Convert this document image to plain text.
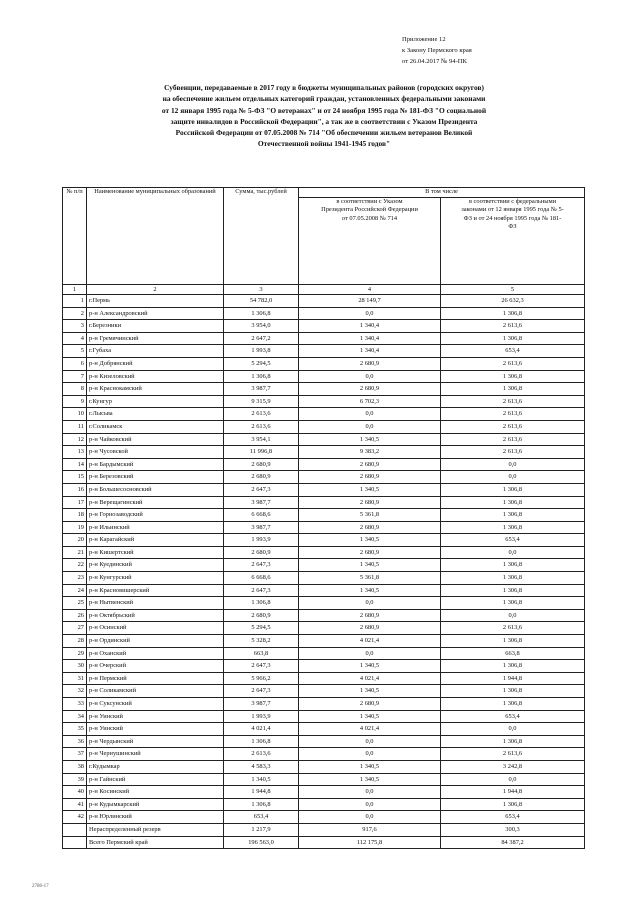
Приложение 12
к Закону Пермского края
от 26.04.2017 № 94-ПК
Субвенции, передаваемые в 2017 году в бюджеты муниципальных районов (городских округов)
на обеспечение жильем отдельных категорий граждан, установленных федеральными законами
от 12 января 1995 года № 5-ФЗ "О ветеранах" и от 24 ноября 1995 года № 181-ФЗ "О социальной
защите инвалидов в Российской Федерации", а так же в соответствии с Указом Президента
Российской Федерации от 07.05.2008 № 714 "Об обеспечении жильем ветеранов Великой
Отечественной войны 1941-1945 годов"
№ п/п	Наименование муниципальных образований	Сумма, тыс.рублей	В том числе	
			в соответствии с Указом Президента Российской Федерации от 07.05.2008 № 714	в соответствии с федеральными законами от 12 января 1995 года № 5-ФЗ и от 24 ноября 1995 года № 181-ФЗ
1	2	3	4	5
1	г.Пермь	54 782,0	28 149,7	26 632,3
2	р-н Александровский	1 306,8	0,0	1 306,8
3	г.Березники	3 954,0	1 340,4	2 613,6
4	р-н Гремячинский	2 647,2	1 340,4	1 306,8
5	г.Губаха	1 993,8	1 340,4	653,4
6	р-н Добрянский	5 294,5	2 680,9	2 613,6
7	р-н Кизеловский	1 306,8	0,0	1 306,8
8	р-н Краснокамский	3 987,7	2 680,9	1 306,8
9	г.Кунгур	9 315,9	6 702,3	2 613,6
10	г.Лысьва	2 613,6	0,0	2 613,6
11	г.Соликамск	2 613,6	0,0	2 613,6
12	р-н Чайковский	3 954,1	1 340,5	2 613,6
13	р-н Чусовской	11 996,8	9 383,2	2 613,6
14	р-н Бардымский	2 680,9	2 680,9	0,0
15	р-н Березовский	2 680,9	2 680,9	0,0
16	р-н Большесосновский	2 647,3	1 340,5	1 306,8
17	р-н Верещагинский	3 987,7	2 680,9	1 306,8
18	р-н Горнозаводский	6 668,6	5 361,8	1 306,8
19	р-н Ильинский	3 987,7	2 680,9	1 306,8
20	р-н Карагайский	1 993,9	1 340,5	653,4
21	р-н Кишертский	2 680,9	2 680,9	0,0
22	р-н Куединский	2 647,3	1 340,5	1 306,8
23	р-н Кунгурский	6 668,6	5 361,8	1 306,8
24	р-н Красновишерский	2 647,3	1 340,5	1 306,8
25	р-н Нытвенский	1 306,8	0,0	1 306,8
26	р-н Октябрьский	2 680,9	2 680,9	0,0
27	р-н Осинский	5 294,5	2 680,9	2 613,6
28	р-н Ординский	5 328,2	4 021,4	1 306,8
29	р-н Оханский	663,8	0,0	663,8
30	р-н Очерский	2 647,3	1 340,5	1 306,8
31	р-н Пермский	5 966,2	4 021,4	1 944,8
32	р-н Соликамский	2 647,3	1 340,5	1 306,8
33	р-н Суксунский	3 987,7	2 680,9	1 306,8
34	р-н Уинский	1 993,9	1 340,5	653,4
35	р-н Уинский	4 021,4	4 021,4	0,0
36	р-н Чердынский	1 306,8	0,0	1 306,8
37	р-н Чернушинский	2 613,6	0,0	2 613,6
38	г.Кудымкар	4 583,3	1 340,5	3 242,8
39	р-н Гайнский	1 340,5	1 340,5	0,0
40	р-н Косинский	1 944,8	0,0	1 944,8
41	р-н Кудымкарский	1 306,8	0,0	1 306,8
42	р-н Юрлинский	653,4	0,0	653,4
	Нераспределенный резерв	1 217,9	917,6	300,3
	Всего Пермский край	196 563,0	112 175,8	84 387,2
2786-17
